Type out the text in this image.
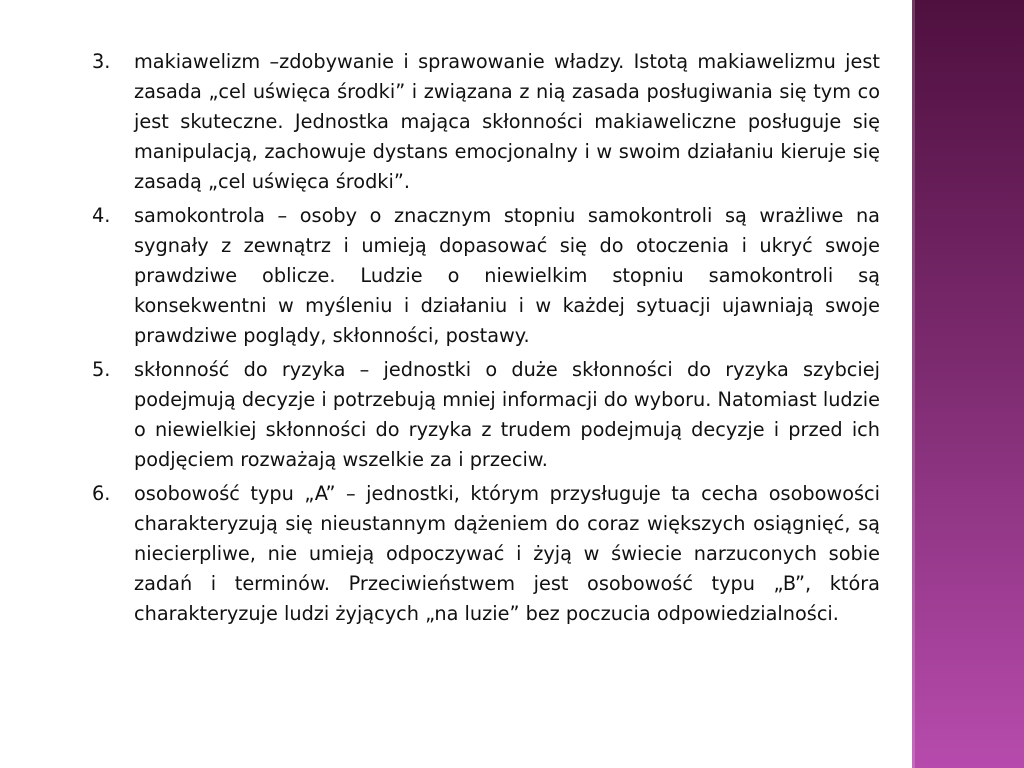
3.	makiawelizm –zdobywanie i sprawowanie władzy. Istotą makiawelizmu jest zasada „cel uświęca środki” i związana z nią zasada posługiwania się tym co jest skuteczne. Jednostka mająca skłonności makiaweliczne posługuje się manipulacją, zachowuje dystans emocjonalny i w swoim działaniu kieruje się zasadą „cel uświęca środki”.
4.	samokontrola – osoby o znacznym stopniu samokontroli są wrażliwe na sygnały z zewnątrz i umieją dopasować się do otoczenia i ukryć swoje prawdziwe oblicze. Ludzie o niewielkim stopniu samokontroli są konsekwentni w myśleniu i działaniu i w każdej sytuacji ujawniają swoje prawdziwe poglądy, skłonności, postawy.
5.	skłonność do ryzyka – jednostki o duże skłonności do ryzyka szybciej podejmują decyzje i potrzebują mniej informacji do wyboru. Natomiast ludzie o niewielkiej skłonności do ryzyka z trudem podejmują decyzje i przed ich podjęciem rozważają wszelkie za i przeciw.
6.	osobowość typu „A” – jednostki, którym przysługuje ta cecha osobowości charakteryzują się nieustannym dążeniem do coraz większych osiągnięć, są niecierpliwe, nie umieją odpoczywać i żyją w świecie narzuconych sobie zadań i terminów. Przeciwieństwem jest osobowość typu „B”, która charakteryzuje ludzi żyjących „na luzie” bez poczucia odpowiedzialności.
